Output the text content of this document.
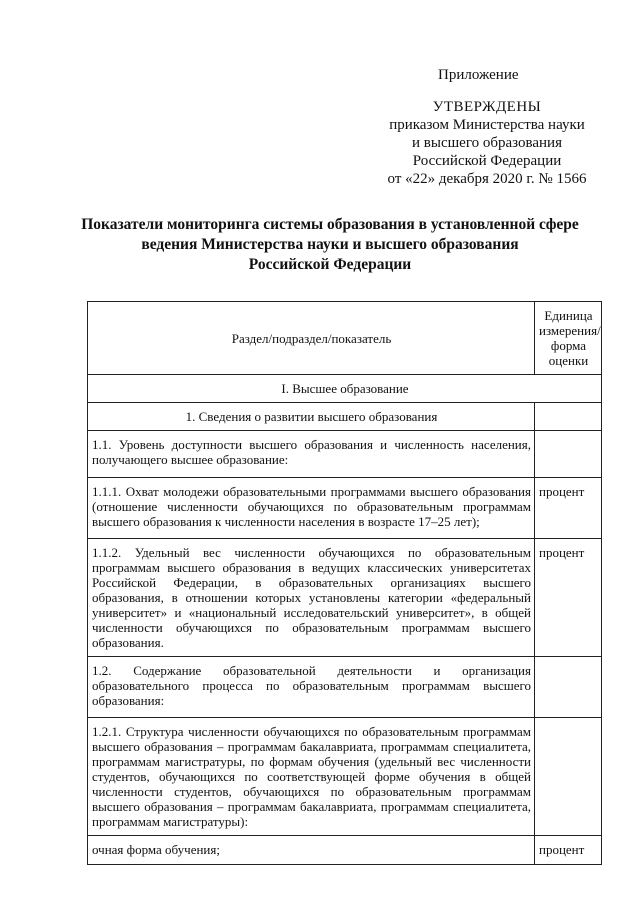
Приложение
УТВЕРЖДЕНЫ
приказом Министерства науки
и высшего образования
Российской Федерации
от «22» декабря 2020 г. № 1566
Показатели мониторинга системы образования в установленной сфере
ведения Министерства науки и высшего образования
Российской Федерации
Раздел/подраздел/показатель	Единица измерения/ форма оценки
I. Высшее образование	
1. Сведения о развитии высшего образования	
1.1. Уровень доступности высшего образования и численность населения, получающего высшее образование:	
1.1.1. Охват молодежи образовательными программами высшего образования (отношение численности обучающихся по образовательным программам высшего образования к численности населения в возрасте 17–25 лет);	процент
1.1.2. Удельный вес численности обучающихся по образовательным программам высшего образования в ведущих классических университетах Российской Федерации, в образовательных организациях высшего образования, в отношении которых установлены категории «федеральный университет» и «национальный исследовательский университет», в общей численности обучающихся по образовательным программам высшего образования.	процент
1.2. Содержание образовательной деятельности и организация образовательного процесса по образовательным программам высшего образования:	
1.2.1. Структура численности обучающихся по образовательным программам высшего образования – программам бакалавриата, программам специалитета, программам магистратуры, по формам обучения (удельный вес численности студентов, обучающихся по соответствующей форме обучения в общей численности студентов, обучающихся по образовательным программам высшего образования – программам бакалавриата, программам специалитета, программам магистратуры):	
очная форма обучения;	процент
